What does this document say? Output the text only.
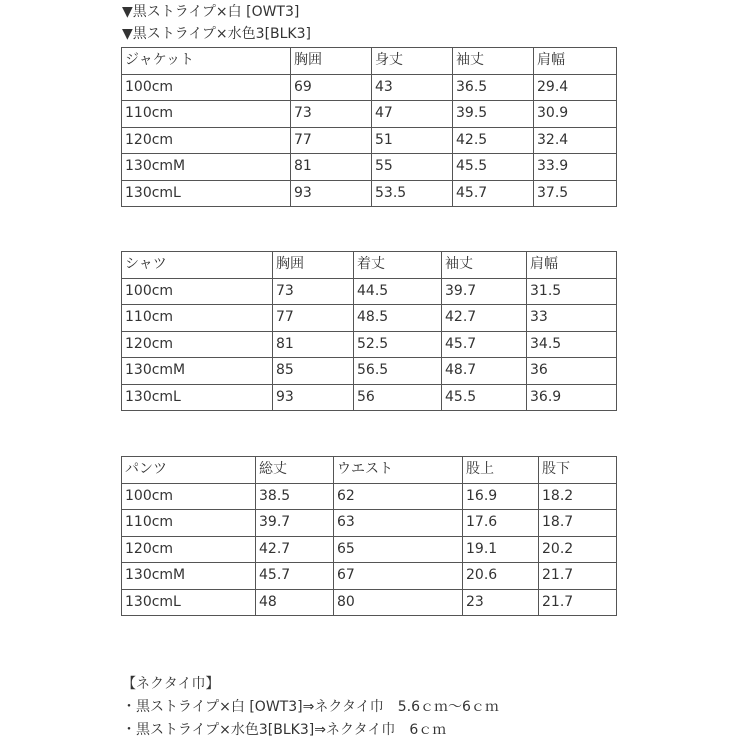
▼黒ストライプ×白 [OWT3]
▼黒ストライプ×水色3[BLK3]
ジャケット	胸囲	身丈	袖丈	肩幅
100cm	69	43	36.5	29.4
110cm	73	47	39.5	30.9
120cm	77	51	42.5	32.4
130cmM	81	55	45.5	33.9
130cmL	93	53.5	45.7	37.5
シャツ	胸囲	着丈	袖丈	肩幅
100cm	73	44.5	39.7	31.5
110cm	77	48.5	42.7	33
120cm	81	52.5	45.7	34.5
130cmM	85	56.5	48.7	36
130cmL	93	56	45.5	36.9
パンツ	総丈	ウエスト	股上	股下
100cm	38.5	62	16.9	18.2
110cm	39.7	63	17.6	18.7
120cm	42.7	65	19.1	20.2
130cmM	45.7	67	20.6	21.7
130cmL	48	80	23	21.7
【ネクタイ巾】
・黒ストライプ×白 [OWT3]⇒ネクタイ巾　5.6ｃｍ～6ｃｍ
・黒ストライプ×水色3[BLK3]⇒ネクタイ巾　6ｃｍ
